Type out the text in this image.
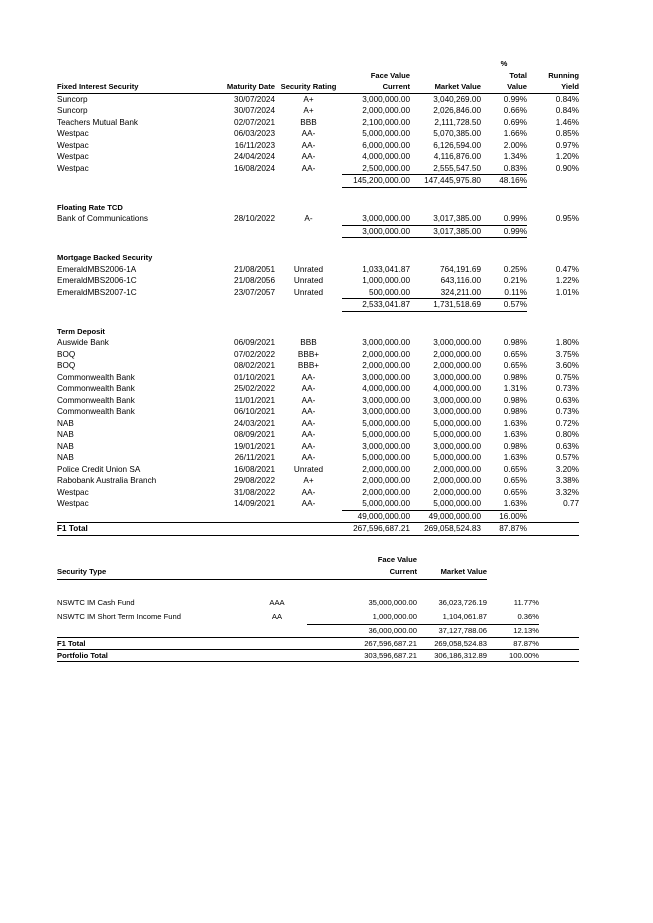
					%	
			Face Value		Total	Running
Fixed Interest Security	Maturity Date	Security Rating	Current	Market Value	Value	Yield
Suncorp	30/07/2024	A+	3,000,000.00	3,040,269.00	0.99%	0.84%
Suncorp	30/07/2024	A+	2,000,000.00	2,026,846.00	0.66%	0.84%
Teachers Mutual Bank	02/07/2021	BBB	2,100,000.00	2,111,728.50	0.69%	1.46%
Westpac	06/03/2023	AA-	5,000,000.00	5,070,385.00	1.66%	0.85%
Westpac	16/11/2023	AA-	6,000,000.00	6,126,594.00	2.00%	0.97%
Westpac	24/04/2024	AA-	4,000,000.00	4,116,876.00	1.34%	1.20%
Westpac	16/08/2024	AA-	2,500,000.00	2,555,547.50	0.83%	0.90%
			145,200,000.00	147,445,975.80	48.16%	
Floating Rate TCD						
Bank of Communications	28/10/2022	A-	3,000,000.00	3,017,385.00	0.99%	0.95%
			3,000,000.00	3,017,385.00	0.99%	
Mortgage Backed Security						
EmeraldMBS2006-1A	21/08/2051	Unrated	1,033,041.87	764,191.69	0.25%	0.47%
EmeraldMBS2006-1C	21/08/2056	Unrated	1,000,000.00	643,116.00	0.21%	1.22%
EmeraldMBS2007-1C	23/07/2057	Unrated	500,000.00	324,211.00	0.11%	1.01%
			2,533,041.87	1,731,518.69	0.57%	
Term Deposit						
Auswide Bank	06/09/2021	BBB	3,000,000.00	3,000,000.00	0.98%	1.80%
BOQ	07/02/2022	BBB+	2,000,000.00	2,000,000.00	0.65%	3.75%
BOQ	08/02/2021	BBB+	2,000,000.00	2,000,000.00	0.65%	3.60%
Commonwealth Bank	01/10/2021	AA-	3,000,000.00	3,000,000.00	0.98%	0.75%
Commonwealth Bank	25/02/2022	AA-	4,000,000.00	4,000,000.00	1.31%	0.73%
Commonwealth Bank	11/01/2021	AA-	3,000,000.00	3,000,000.00	0.98%	0.63%
Commonwealth Bank	06/10/2021	AA-	3,000,000.00	3,000,000.00	0.98%	0.73%
NAB	24/03/2021	AA-	5,000,000.00	5,000,000.00	1.63%	0.72%
NAB	08/09/2021	AA-	5,000,000.00	5,000,000.00	1.63%	0.80%
NAB	19/01/2021	AA-	3,000,000.00	3,000,000.00	0.98%	0.63%
NAB	26/11/2021	AA-	5,000,000.00	5,000,000.00	1.63%	0.57%
Police Credit Union SA	16/08/2021	Unrated	2,000,000.00	2,000,000.00	0.65%	3.20%
Rabobank Australia Branch	29/08/2022	A+	2,000,000.00	2,000,000.00	0.65%	3.38%
Westpac	31/08/2022	AA-	2,000,000.00	2,000,000.00	0.65%	3.32%
Westpac	14/09/2021	AA-	5,000,000.00	5,000,000.00	1.63%	0.77
			49,000,000.00	49,000,000.00	16.00%	
F1 Total			267,596,687.21	269,058,524.83	87.87%	
		Face Value			
Security Type		Current	Market Value		

NSWTC IM Cash Fund	AAA	35,000,000.00	36,023,726.19	11.77%	
NSWTC IM Short Term Income Fund	AA	1,000,000.00	1,104,061.87	0.36%	
		36,000,000.00	37,127,788.06	12.13%	
F1 Total		267,596,687.21	269,058,524.83	87.87%	
Portfolio Total		303,596,687.21	306,186,312.89	100.00%	
